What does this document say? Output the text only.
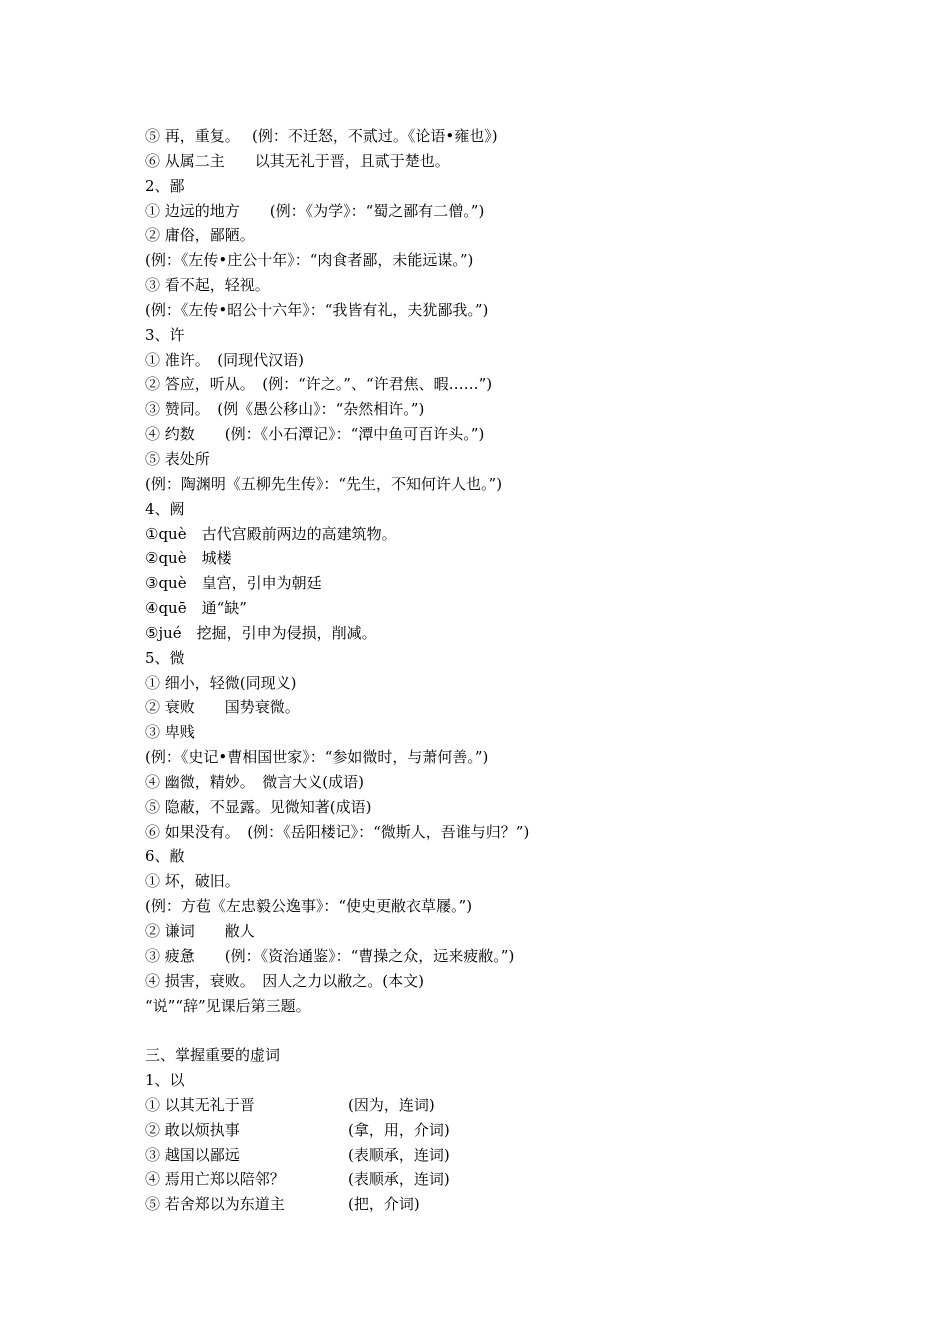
⑤ 再，重复。　 (例：不迁怒，不贰过。《论语•雍也》)
⑥ 从属二主　　以其无礼于晋，且贰于楚也。
2、鄙
① 边远的地方　　(例：《为学》：“蜀之鄙有二僧。”)
② 庸俗，鄙陋。
(例：《左传•庄公十年》：“肉食者鄙，未能远谋。”)
③ 看不起，轻视。
(例：《左传•昭公十六年》：“我皆有礼，夫犹鄙我。”)
3、许
① 准许。　(同现代汉语)
② 答应，听从。　(例：“许之。”、“许君焦、暇……”)
③ 赞同。　(例《愚公移山》：“杂然相许。”)
④ 约数　　(例：《小石潭记》：“潭中鱼可百许头。”)
⑤ 表处所
(例：陶渊明《五柳先生传》：“先生，不知何许人也。”)
4、阙
①què　古代宫殿前两边的高建筑物。
②què　城楼
③què　皇宫，引申为朝廷
④quē　通“缺”
⑤jué　挖掘，引申为侵损，削减。
5、微
① 细小，轻微(同现义)
② 衰败　　国势衰微。
③ 卑贱
(例：《史记•曹相国世家》：“参如微时，与萧何善。”)
④ 幽微，精妙。　微言大义(成语)
⑤ 隐蔽，不显露。见微知著(成语)
⑥ 如果没有。　(例：《岳阳楼记》：“微斯人，吾谁与归？”)
6、敝
① 坏，破旧。
(例：方苞《左忠毅公逸事》：“使史更敝衣草屦。”)
② 谦词　　敝人
③ 疲惫　　(例：《资治通鉴》：“曹操之众，远来疲敝。”)
④ 损害，衰败。　因人之力以敝之。(本文)
“说”“辞”见课后第三题。
三、掌握重要的虚词
1、以
① 以其无礼于晋	(因为，连词)
② 敢以烦执事	(拿，用，介词)
③ 越国以鄙远	(表顺承，连词)
④ 焉用亡郑以陪邻？	(表顺承，连词)
⑤ 若舍郑以为东道主	(把，介词)
